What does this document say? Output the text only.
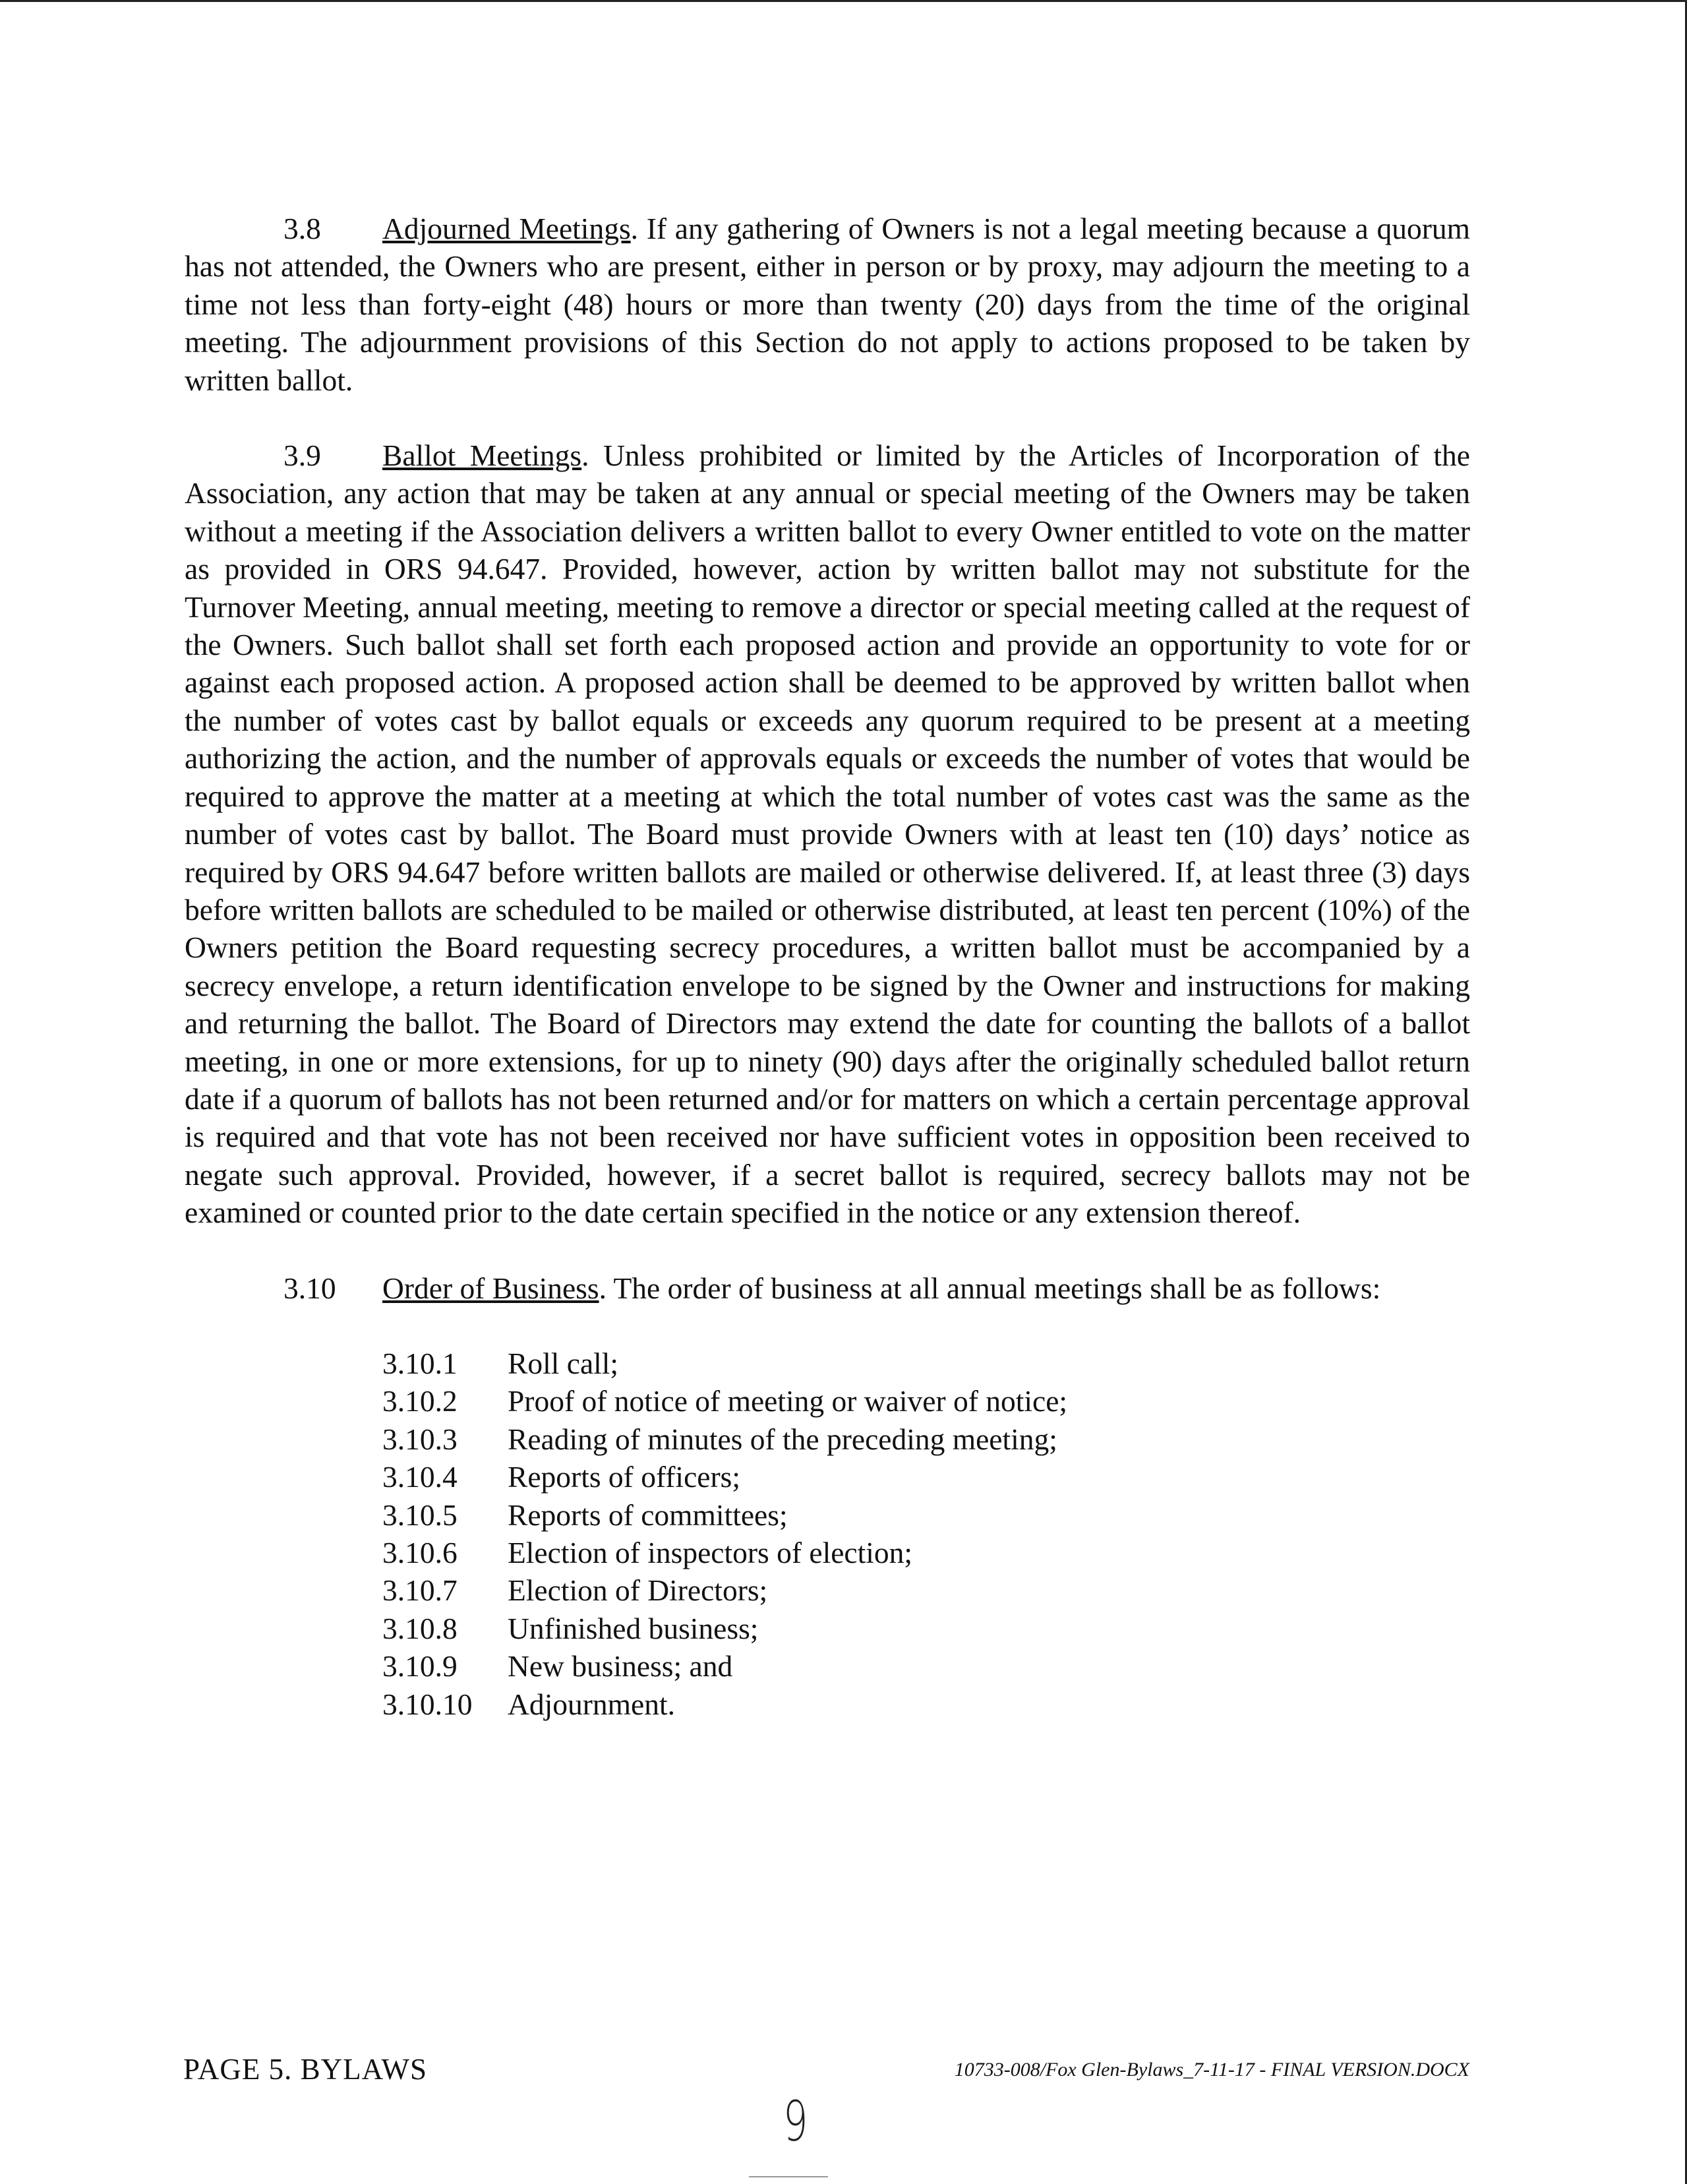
3.8 Adjourned Meetings. If any gathering of Owners is not a legal meeting because a quorum has not attended, the Owners who are present, either in person or by proxy, may adjourn the meeting to a time not less than forty-eight (48) hours or more than twenty (20) days from the time of the original meeting. The adjournment provisions of this Section do not apply to actions proposed to be taken by written ballot.

3.9 Ballot Meetings. Unless prohibited or limited by the Articles of Incorporation of the Association, any action that may be taken at any annual or special meeting of the Owners may be taken without a meeting if the Association delivers a written ballot to every Owner entitled to vote on the matter as provided in ORS 94.647. Provided, however, action by written ballot may not substitute for the Turnover Meeting, annual meeting, meeting to remove a director or special meeting called at the request of the Owners. Such ballot shall set forth each proposed action and provide an opportunity to vote for or against each proposed action. A proposed action shall be deemed to be approved by written ballot when the number of votes cast by ballot equals or exceeds any quorum required to be present at a meeting authorizing the action, and the number of approvals equals or exceeds the number of votes that would be required to approve the matter at a meeting at which the total number of votes cast was the same as the number of votes cast by ballot. The Board must provide Owners with at least ten (10) days’ notice as required by ORS 94.647 before written ballots are mailed or otherwise delivered. If, at least three (3) days before written ballots are scheduled to be mailed or otherwise distributed, at least ten percent (10%) of the Owners petition the Board requesting secrecy procedures, a written ballot must be accompanied by a secrecy envelope, a return identification envelope to be signed by the Owner and instructions for making and returning the ballot. The Board of Directors may extend the date for counting the ballots of a ballot meeting, in one or more extensions, for up to ninety (90) days after the originally scheduled ballot return date if a quorum of ballots has not been returned and/or for matters on which a certain percentage approval is required and that vote has not been received nor have sufficient votes in opposition been received to negate such approval. Provided, however, if a secret ballot is required, secrecy ballots may not be examined or counted prior to the date certain specified in the notice or any extension thereof.

3.10 Order of Business. The order of business at all annual meetings shall be as follows:

3.10.1	Roll call;
3.10.2	Proof of notice of meeting or waiver of notice;
3.10.3	Reading of minutes of the preceding meeting;
3.10.4	Reports of officers;
3.10.5	Reports of committees;
3.10.6	Election of inspectors of election;
3.10.7	Election of Directors;
3.10.8	Unfinished business;
3.10.9	New business; and
3.10.10	Adjournment.
PAGE 5. BYLAWS	10733-008/Fox Glen-Bylaws_7-11-17 - FINAL VERSION.DOCX
9
